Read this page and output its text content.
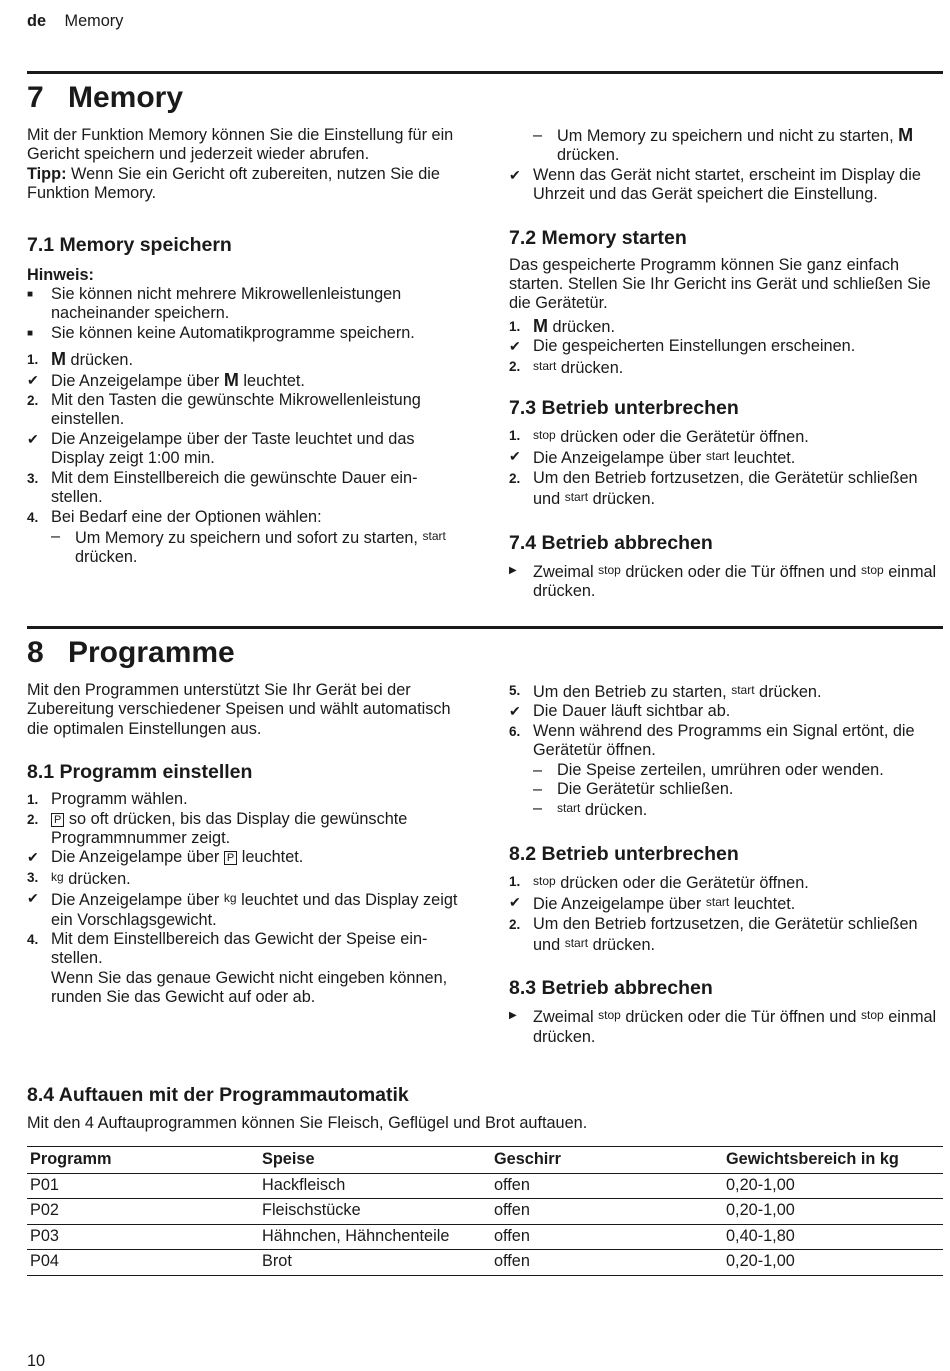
de Memory
7 Memory

Mit der Funktion Memory können Sie die Einstellung für ein Gericht speichern und jederzeit wieder abrufen.

Tipp: Wenn Sie ein Gericht oft zubereiten, nutzen Sie die Funktion Memory.

7.1 Memory speichern

Hinweis:

■	Sie können nicht mehrere Mikrowellenleistungen nacheinander speichern.
■	Sie können keine Automatikprogramme speichern.
1. M drücken.
✔ Die Anzeigelampe über M leuchtet.
2. Mit den Tasten die gewünschte Mikrowellenleistung einstellen.
✔ Die Anzeigelampe über der Taste leuchtet und das Display zeigt 1:00 min.
3. Mit dem Einstellbereich die gewünschte Dauer einstellen.
4. Bei Bedarf eine der Optionen wählen:
– Um Memory zu speichern und sofort zu starten, start drücken.
– Um Memory zu speichern und nicht zu starten, M drücken.
✔ Wenn das Gerät nicht startet, erscheint im Display die Uhrzeit und das Gerät speichert die Einstellung.
7.2 Memory starten

Das gespeicherte Programm können Sie ganz einfach starten. Stellen Sie Ihr Gericht ins Gerät und schließen Sie die Gerätetür.

1. M drücken.
✔ Die gespeicherten Einstellungen erscheinen.
2.	start drücken.
7.3 Betrieb unterbrechen
1.	stop drücken oder die Gerätetür öffnen.
✔ Die Anzeigelampe über start leuchtet.
2. Um den Betrieb fortzusetzen, die Gerätetür schließen und start drücken.
7.4 Betrieb abbrechen
▶ Zweimal stop drücken oder die Tür öffnen und stop einmal drücken.
8 Programme

Mit den Programmen unterstützt Sie Ihr Gerät bei der Zubereitung verschiedener Speisen und wählt automatisch die optimalen Einstellungen aus.

8.1 Programm einstellen
1. Programm wählen.
2.	P so oft drücken, bis das Display die gewünschte Programmnummer zeigt.
✔ Die Anzeigelampe über P leuchtet.
3.	kg drücken.
✔ Die Anzeigelampe über kg leuchtet und das Display zeigt ein Vorschlagsgewicht.
4. Mit dem Einstellbereich das Gewicht der Speise einstellen.
Wenn Sie das genaue Gewicht nicht eingeben können, runden Sie das Gewicht auf oder ab.
5. Um den Betrieb zu starten, start drücken.
✔ Die Dauer läuft sichtbar ab.
6. Wenn während des Programms ein Signal ertönt, die Gerätetür öffnen.
– Die Speise zerteilen, umrühren oder wenden.
– Die Gerätetür schließen.
–	start drücken.
8.2 Betrieb unterbrechen
1.	stop drücken oder die Gerätetür öffnen.
✔ Die Anzeigelampe über start leuchtet.
2. Um den Betrieb fortzusetzen, die Gerätetür schließen und start drücken.
8.3 Betrieb abbrechen
▶ Zweimal stop drücken oder die Tür öffnen und stop einmal drücken.
8.4 Auftauen mit der Programmautomatik

Mit den 4 Auftauprogrammen können Sie Fleisch, Geflügel und Brot auftauen.

Programm	Speise	Geschirr	Gewichtsbereich in kg
P01	Hackfleisch	offen	0,20-1,00
P02	Fleischstücke	offen	0,20-1,00
P03	Hähnchen, Hähnchenteile	offen	0,40-1,80
P04	Brot	offen	0,20-1,00
10
